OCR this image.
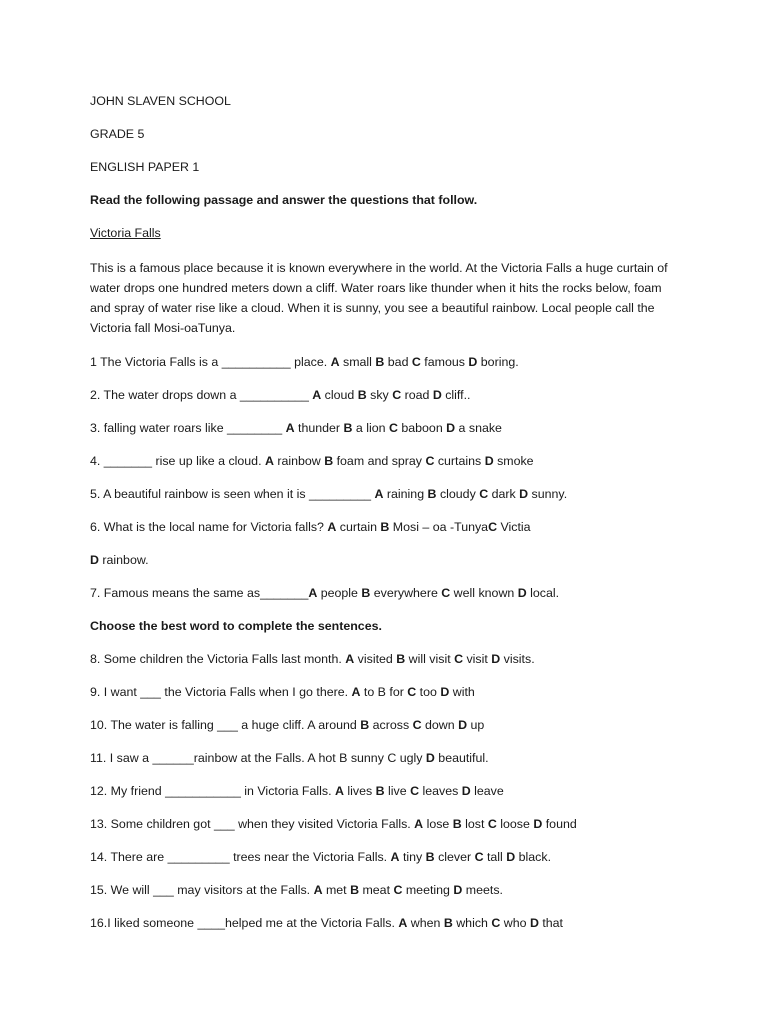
JOHN SLAVEN SCHOOL
GRADE 5
ENGLISH PAPER 1
Read the following passage and answer the questions that follow.
Victoria Falls
This is a famous place because it is known everywhere in the world. At the Victoria Falls a huge curtain of water drops one hundred meters down a cliff. Water roars like thunder when it hits the rocks below, foam and spray of water rise like a cloud. When it is sunny, you see a beautiful rainbow. Local people call the Victoria fall Mosi-oaTunya.
1 The Victoria Falls is a __________ place. A small B bad C famous D boring.
2. The water drops down a __________ A cloud B sky C road D cliff..
3. falling water roars like ________ A thunder B a lion C baboon D a snake
4. _______ rise up like a cloud. A rainbow B foam and spray C curtains D smoke
5. A beautiful rainbow is seen when it is _________ A raining B cloudy C dark D sunny.
6. What is the local name for Victoria falls? A curtain B Mosi – oa -TunyaC Victia
D rainbow.
7. Famous means the same as_______A people B everywhere C well known D local.
Choose the best word to complete the sentences.
8. Some children the Victoria Falls last month. A visited B will visit C visit D visits.
9. I want ___ the Victoria Falls when I go there. A to B for C too D with
10. The water is falling ___ a huge cliff. A around B across C down D up
11. I saw a ______rainbow at the Falls. A hot B sunny C ugly D beautiful.
12. My friend ___________ in Victoria Falls. A lives B live C leaves D leave
13. Some children got ___ when they visited Victoria Falls. A lose B lost C loose D found
14. There are _________ trees near the Victoria Falls. A tiny B clever C tall D black.
15. We will ___ may visitors at the Falls. A met B meat C meeting D meets.
16.I liked someone ____helped me at the Victoria Falls. A when B which C who D that
